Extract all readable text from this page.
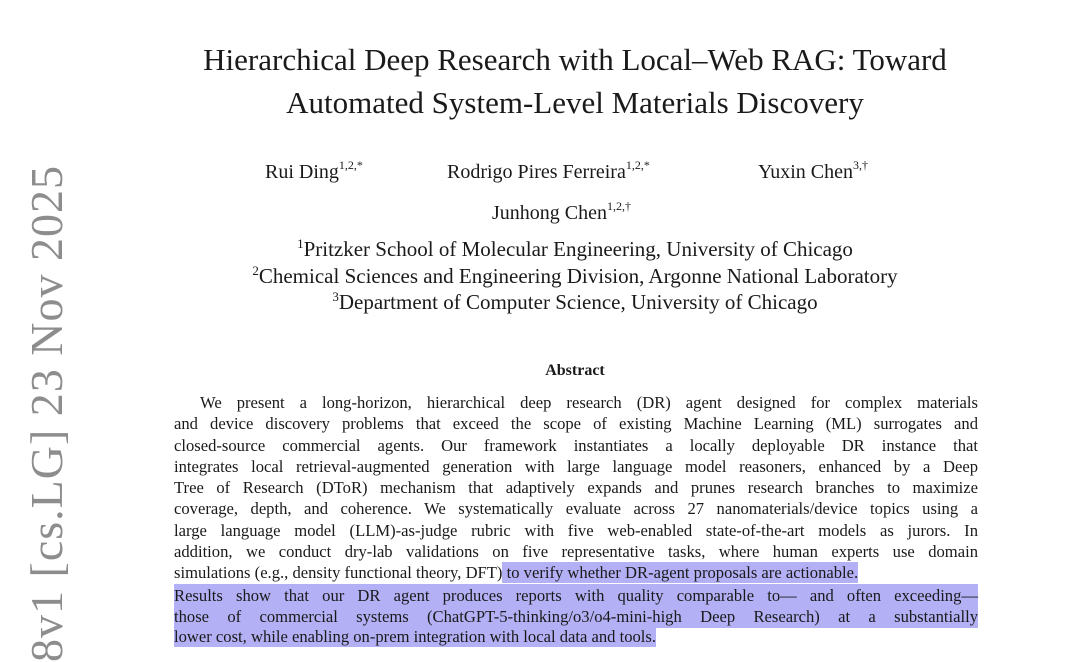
8v1 [cs.LG] 23 Nov 2025
Hierarchical Deep Research with Local–Web RAG: Toward
Automated System-Level Materials Discovery
Rui Ding$^{1,2,*}$	Rodrigo Pires Ferreira$^{1,2,*}$	Yuxin Chen$^{3,\dagger}$
Junhong Chen$^{1,2,\dagger}$
$^1$Pritzker School of Molecular Engineering, University of Chicago
$^2$Chemical Sciences and Engineering Division, Argonne National Laboratory
$^3$Department of Computer Science, University of Chicago
Abstract
We present a long-horizon, hierarchical deep research (DR) agent designed for complex materials
and device discovery problems that exceed the scope of existing Machine Learning (ML) surrogates and
closed-source commercial agents. Our framework instantiates a locally deployable DR instance that
integrates local retrieval-augmented generation with large language model reasoners, enhanced by a Deep
Tree of Research (DToR) mechanism that adaptively expands and prunes research branches to maximize
coverage, depth, and coherence. We systematically evaluate across 27 nanomaterials/device topics using a
large language model (LLM)-as-judge rubric with five web-enabled state-of-the-art models as jurors. In
addition, we conduct dry-lab validations on five representative tasks, where human experts use domain
simulations (e.g., density functional theory, DFT) to verify whether DR-agent proposals are actionable.
Results show that our DR agent produces reports with quality comparable to— and often exceeding—
those of commercial systems (ChatGPT-5-thinking/o3/o4-mini-high Deep Research) at a substantially
lower cost, while enabling on-prem integration with local data and tools.
